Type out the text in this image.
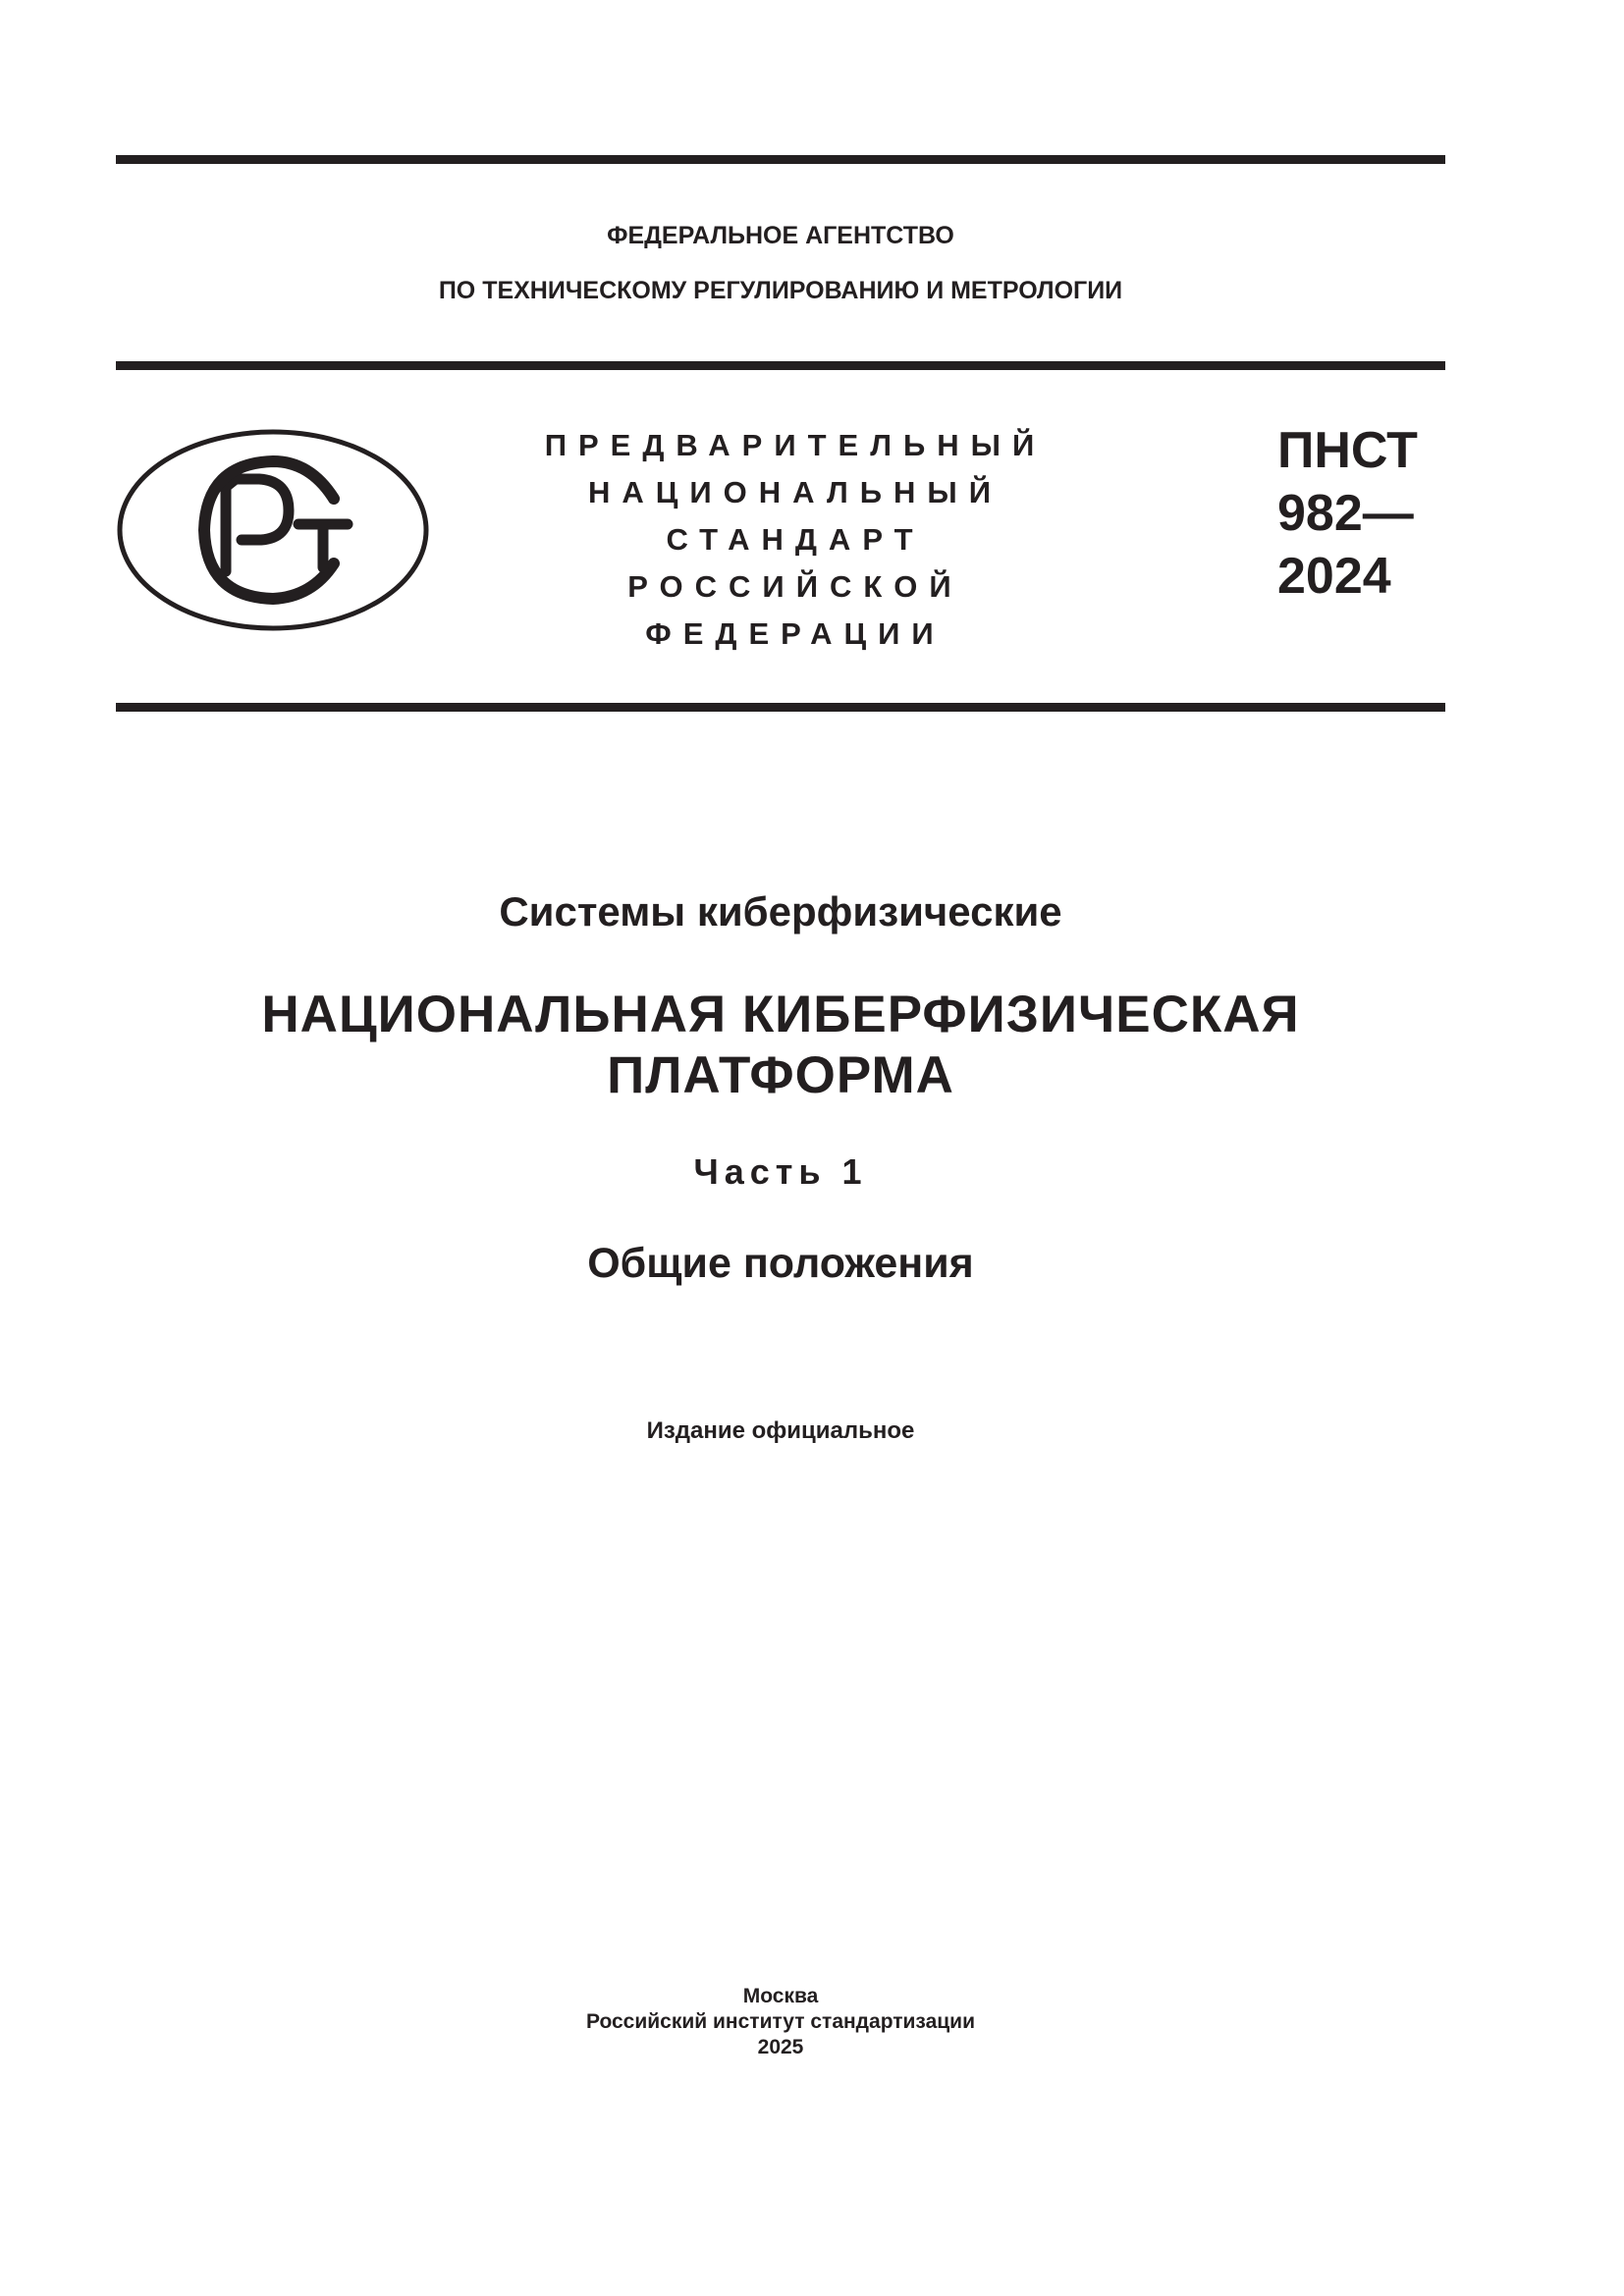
ФЕДЕРАЛЬНОЕ АГЕНТСТВО
ПО ТЕХНИЧЕСКОМУ РЕГУЛИРОВАНИЮ И МЕТРОЛОГИИ
ПРЕДВАРИТЕЛЬНЫЙ
НАЦИОНАЛЬНЫЙ
СТАНДАРТ
РОССИЙСКОЙ
ФЕДЕРАЦИИ
ПНСТ
982—
2024
Системы киберфизические
НАЦИОНАЛЬНАЯ КИБЕРФИЗИЧЕСКАЯ
ПЛАТФОРМА
Часть 1
Общие положения
Издание официальное
Москва
Российский институт стандартизации
2025
